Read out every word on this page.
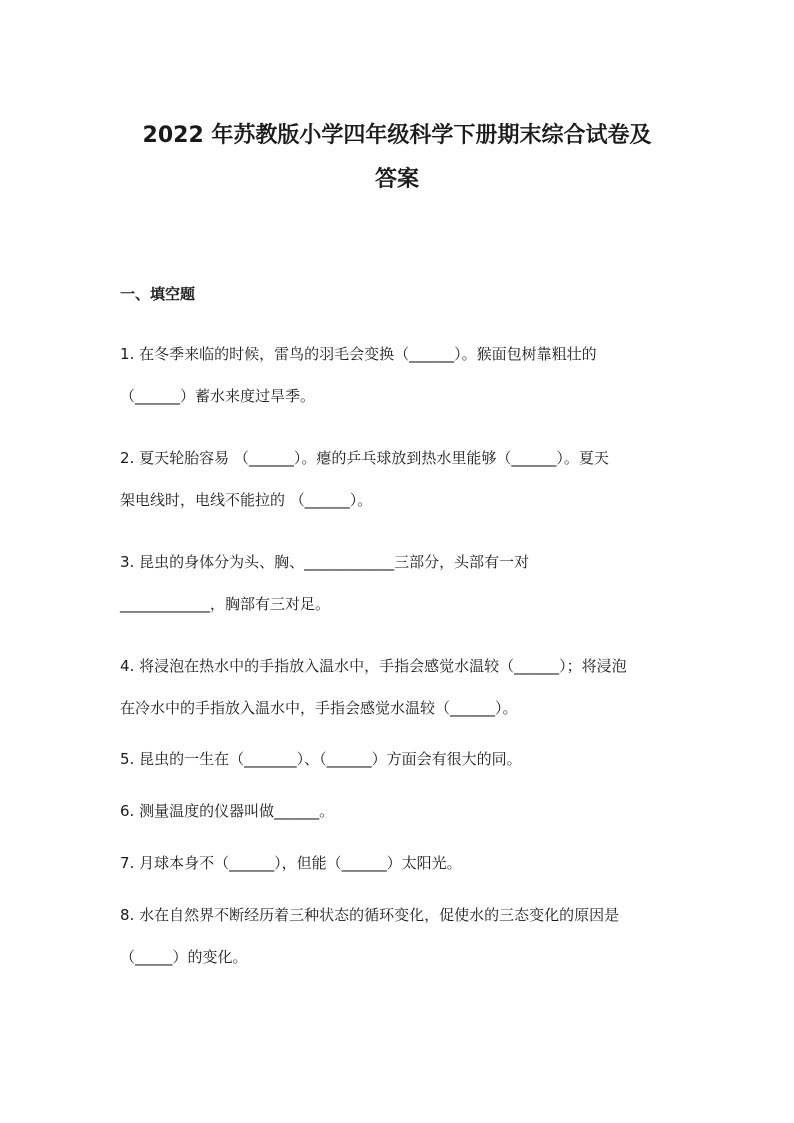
2022 年苏教版小学四年级科学下册期末综合试卷及
答案
一、填空题

1. 在冬季来临的时候，雷鸟的羽毛会变换（______）。猴面包树靠粗壮的
（______）蓄水来度过旱季。

2. 夏天轮胎容易 （______）。瘪的乒乓球放到热水里能够（______）。夏天
架电线时，电线不能拉的 （______）。

3. 昆虫的身体分为头、胸、____________三部分，头部有一对
____________，胸部有三对足。

4. 将浸泡在热水中的手指放入温水中，手指会感觉水温较（______）；将浸泡
在冷水中的手指放入温水中，手指会感觉水温较（______）。

5. 昆虫的一生在（_______）、（______）方面会有很大的同。

6. 测量温度的仪器叫做______。

7. 月球本身不（______），但能（______）太阳光。

8. 水在自然界不断经历着三种状态的循环变化，促使水的三态变化的原因是
（_____）的变化。
